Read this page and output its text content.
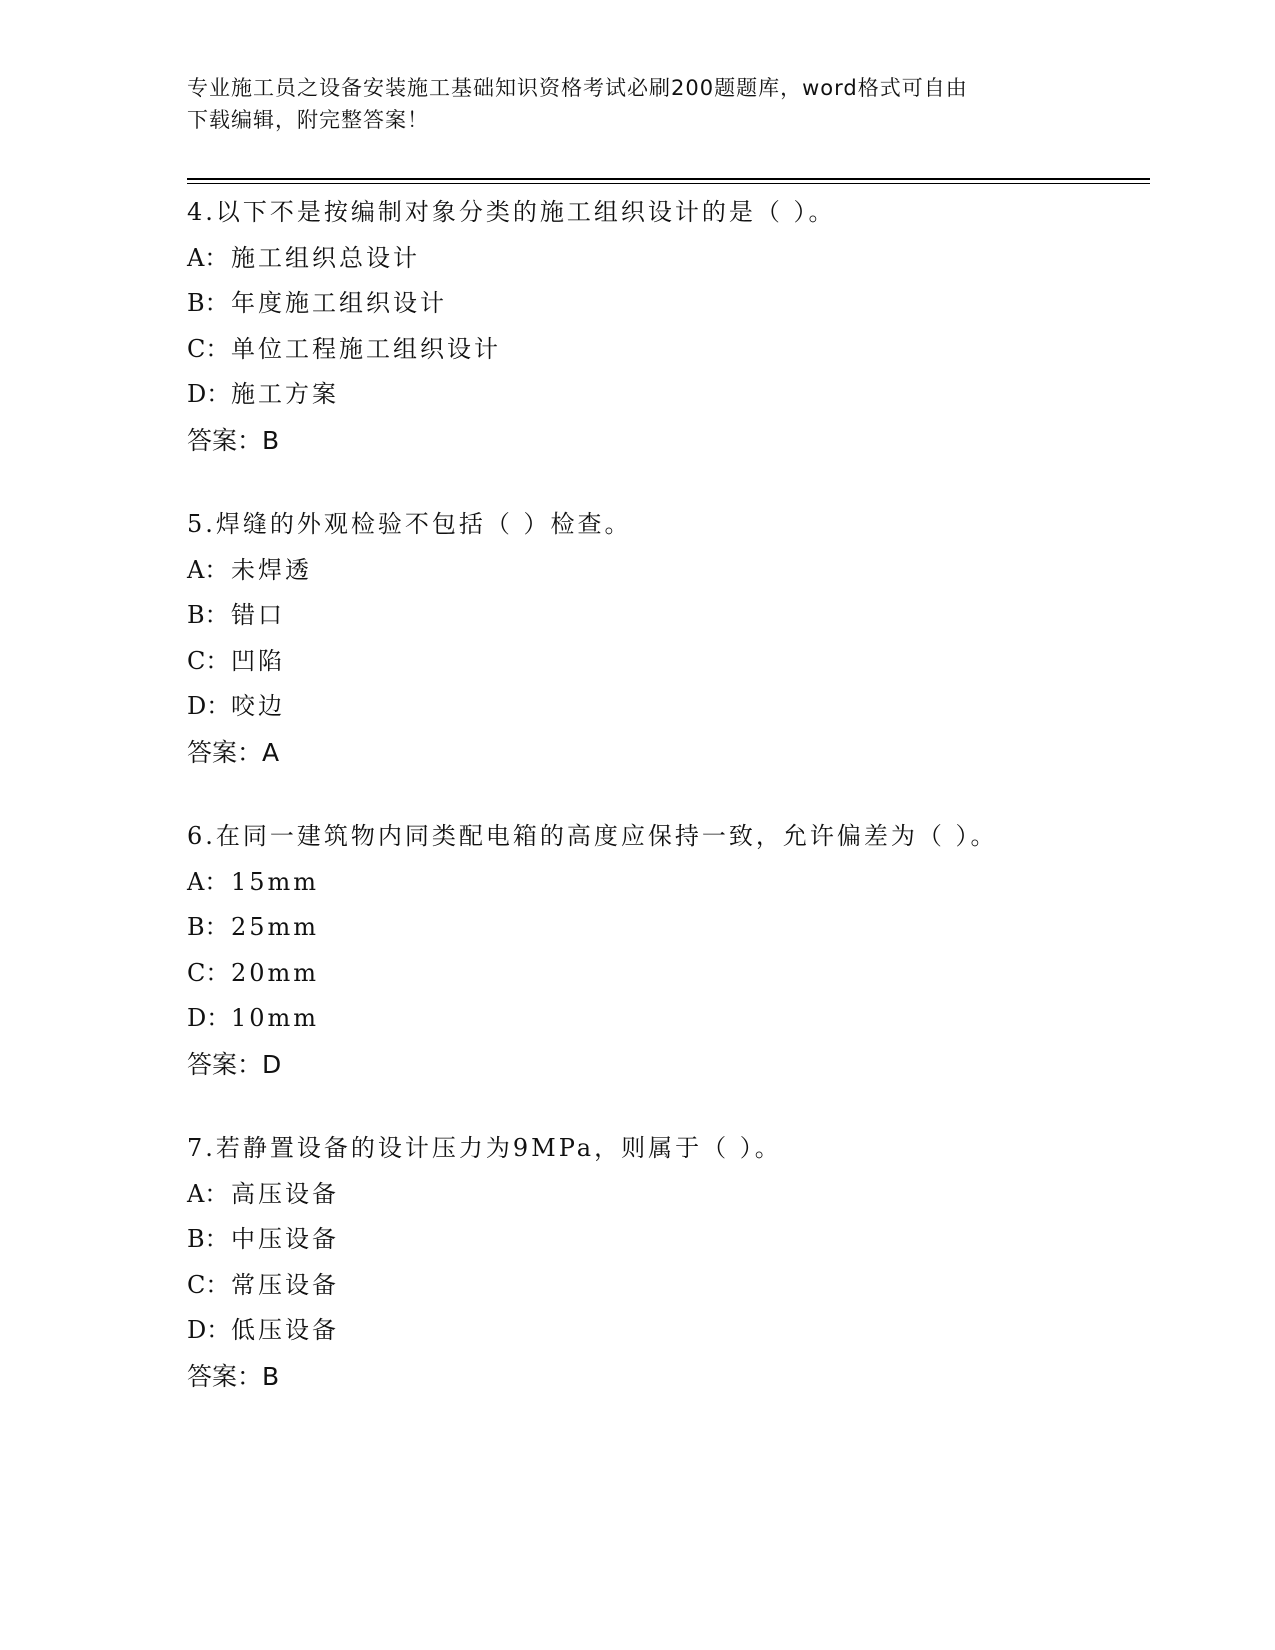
专业施工员之设备安装施工基础知识资格考试必刷200题题库，word格式可自由
下载编辑，附完整答案！
4.以下不是按编制对象分类的施工组织设计的是（ ）。
A： 施工组织总设计
B：年度施工组织设计
C：单位工程施工组织设计
D：施工方案
答案：B
5.焊缝的外观检验不包括（ ）检查。
A： 未焊透
B：错口
C：凹陷
D：咬边
答案：A
6.在同一建筑物内同类配电箱的高度应保持一致，允许偏差为（ ）。
A： 15mm
B：25mm
C：20mm
D：10mm
答案：D
7.若静置设备的设计压力为9MPa，则属于（ ）。
A： 高压设备
B：中压设备
C：常压设备
D：低压设备
答案：B
